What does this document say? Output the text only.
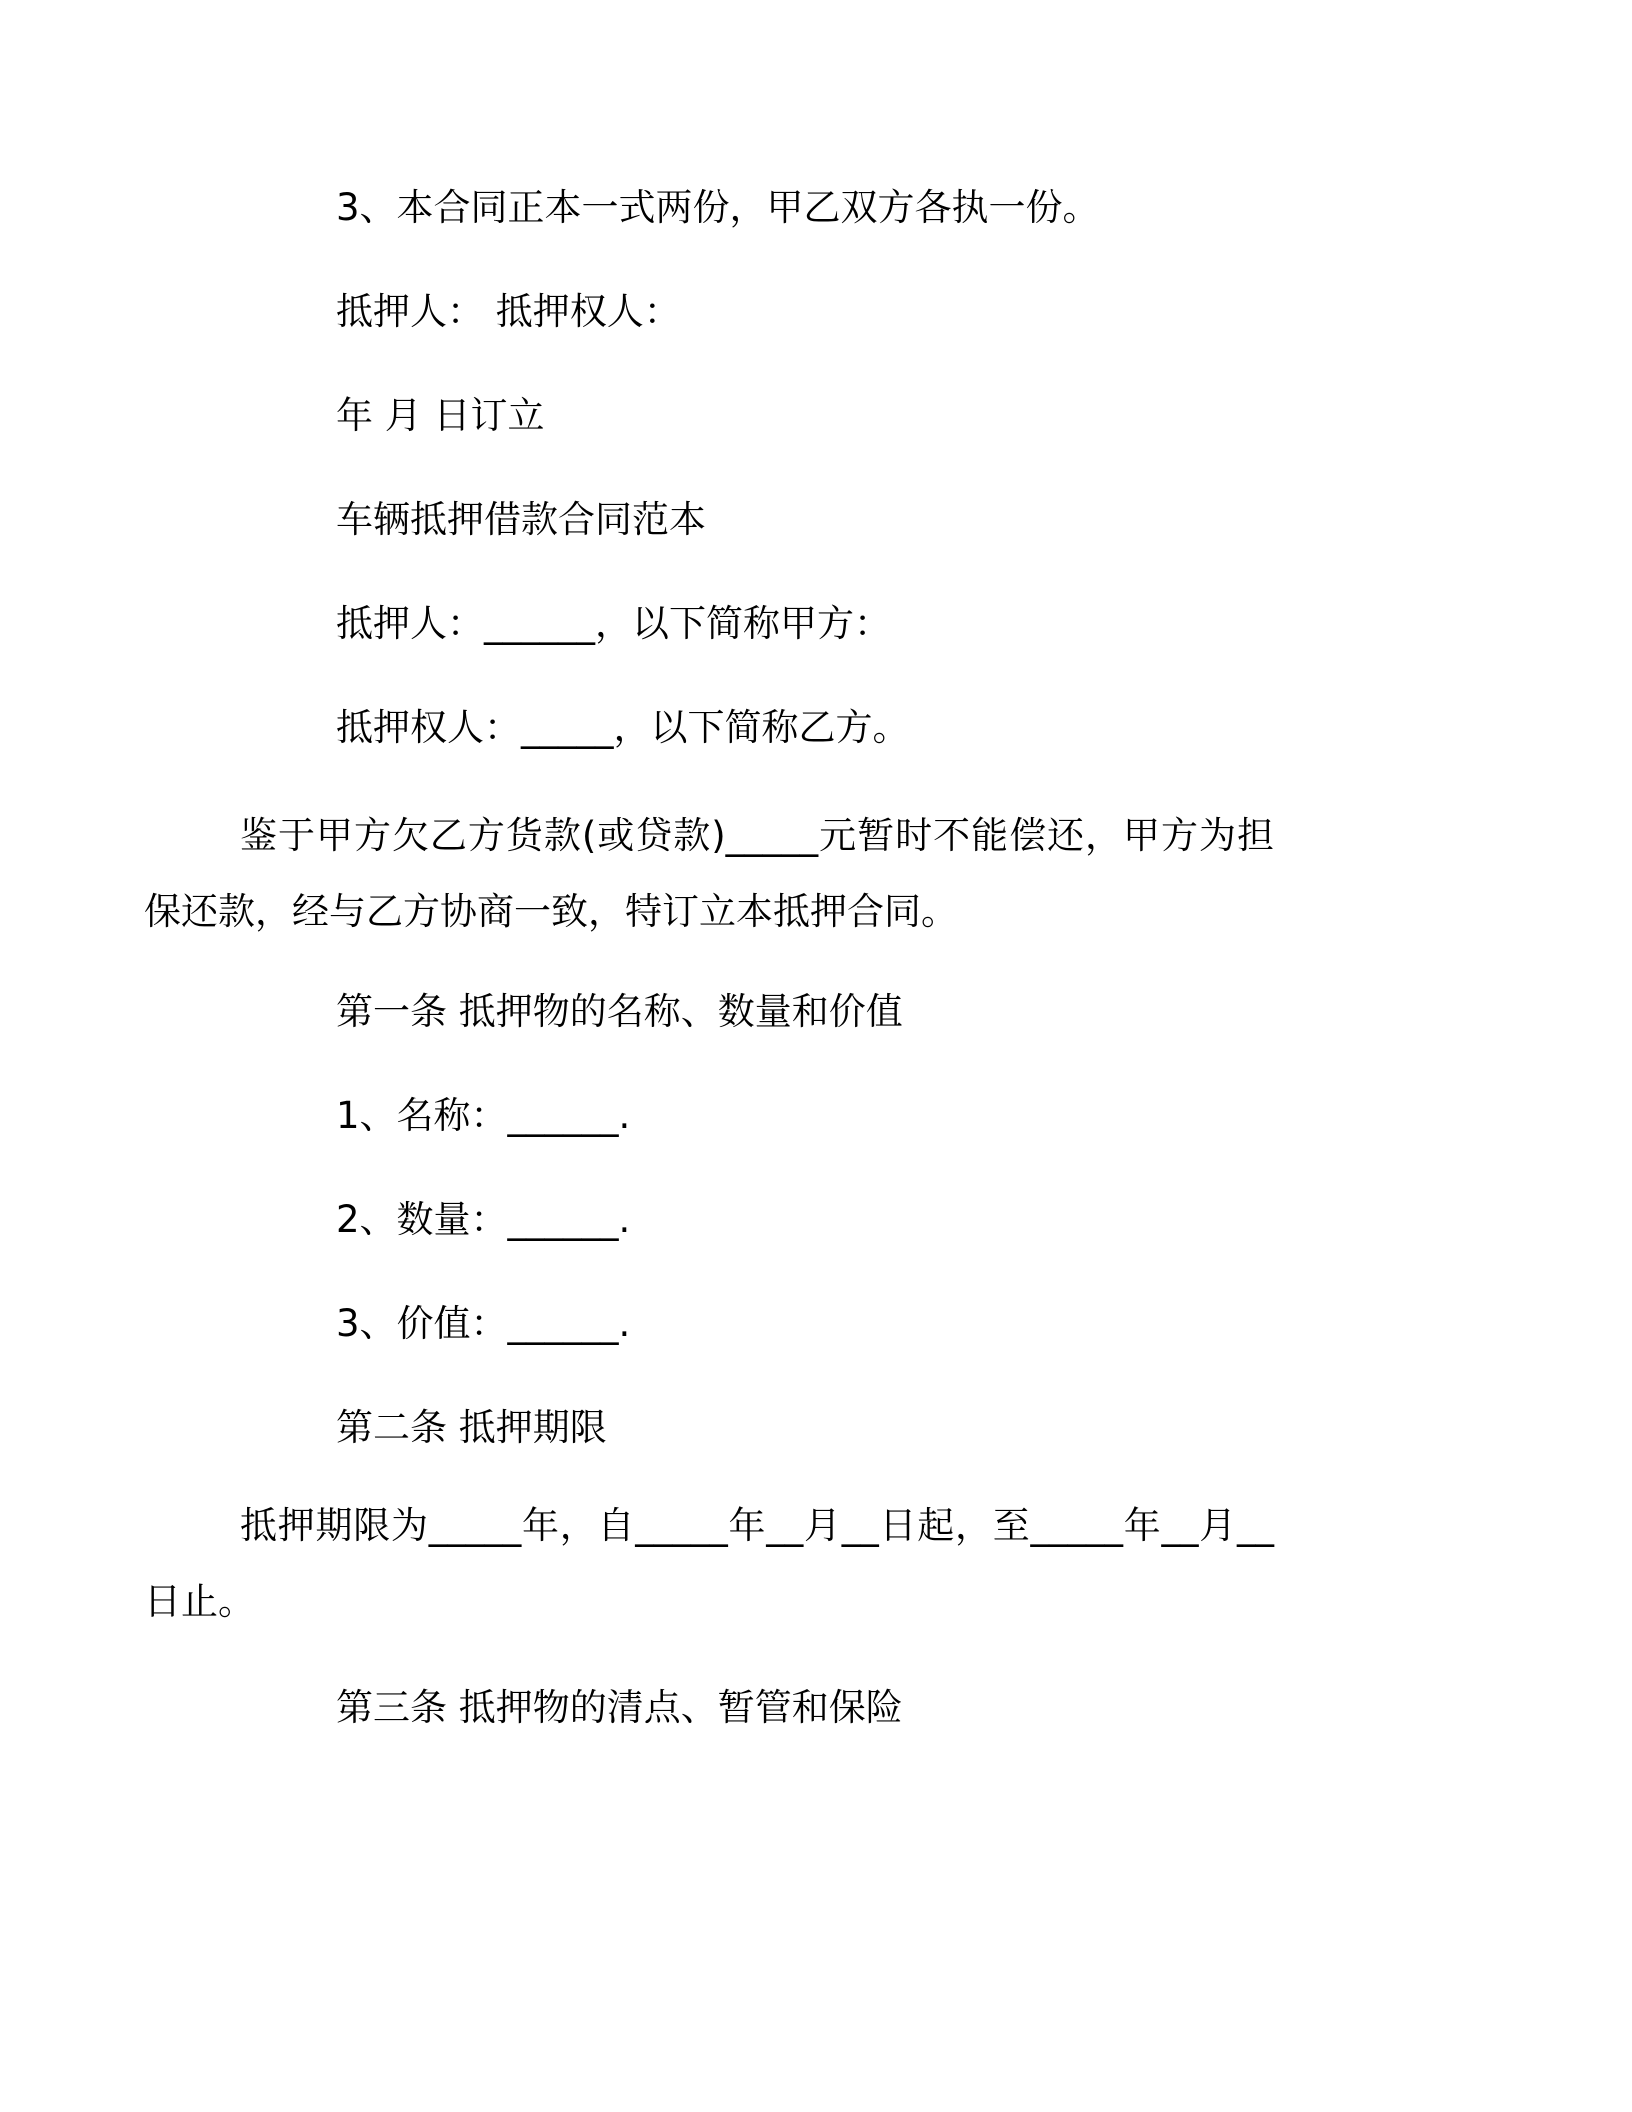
3、本合同正本一式两份，甲乙双方各执一份。
抵押人： 抵押权人：
年 月 日订立
车辆抵押借款合同范本
抵押人：______，以下简称甲方：
抵押权人：_____，以下简称乙方。

鉴于甲方欠乙方货款(或贷款)_____元暂时不能偿还，甲方为担保还款，经与乙方协商一致，特订立本抵押合同。

第一条 抵押物的名称、数量和价值
1、名称：______.
2、数量：______.
3、价值：______.
第二条 抵押期限

抵押期限为_____年，自_____年__月__日起，至_____年__月__日止。

第三条 抵押物的清点、暂管和保险
